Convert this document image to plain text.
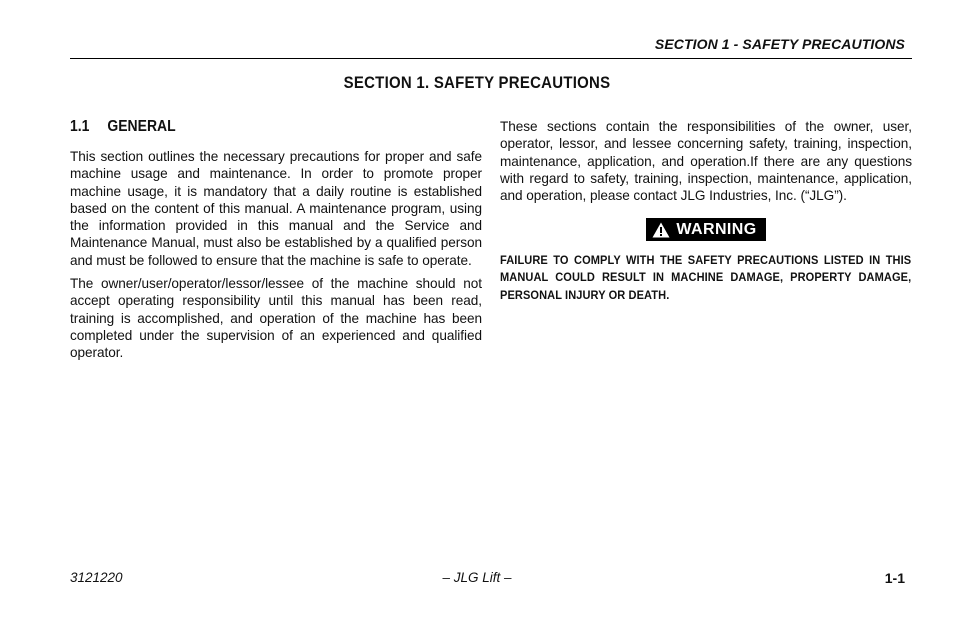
SECTION 1 - SAFETY PRECAUTIONS
SECTION 1. SAFETY PRECAUTIONS
1.1 GENERAL

This section outlines the necessary precautions for proper and safe machine usage and maintenance. In order to promote proper machine usage, it is mandatory that a daily routine is established based on the content of this manual. A maintenance program, using the information provided in this manual and the Service and Maintenance Manual, must also be established by a qualified person and must be followed to ensure that the machine is safe to operate.

The owner/user/operator/lessor/lessee of the machine should not accept operating responsibility until this manual has been read, training is accomplished, and operation of the machine has been completed under the supervision of an experienced and qualified operator.

These sections contain the responsibilities of the owner, user, operator, lessor, and lessee concerning safety, training, inspection, maintenance, application, and operation.If there are any questions with regard to safety, training, inspection, maintenance, application, and operation, please contact JLG Industries, Inc. (“JLG”).

WARNING

FAILURE TO COMPLY WITH THE SAFETY PRECAUTIONS LISTED IN THIS MANUAL COULD RESULT IN MACHINE DAMAGE, PROPERTY DAMAGE, PERSONAL INJURY OR DEATH.

3121220	– JLG Lift –	1-1
